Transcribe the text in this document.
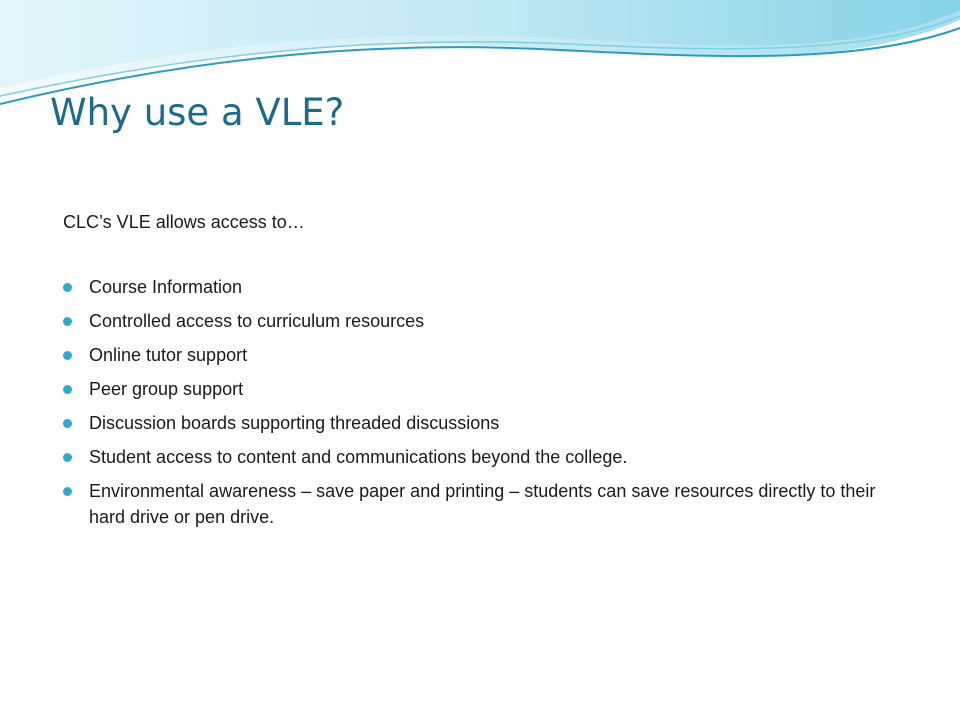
Why use a VLE?

CLC’s VLE allows access to…

Course Information
Controlled access to curriculum resources
Online tutor support
Peer group support
Discussion boards supporting threaded discussions
Student access to content and communications beyond the college.
Environmental awareness – save paper and printing – students can save resources directly to their hard drive or pen drive.
